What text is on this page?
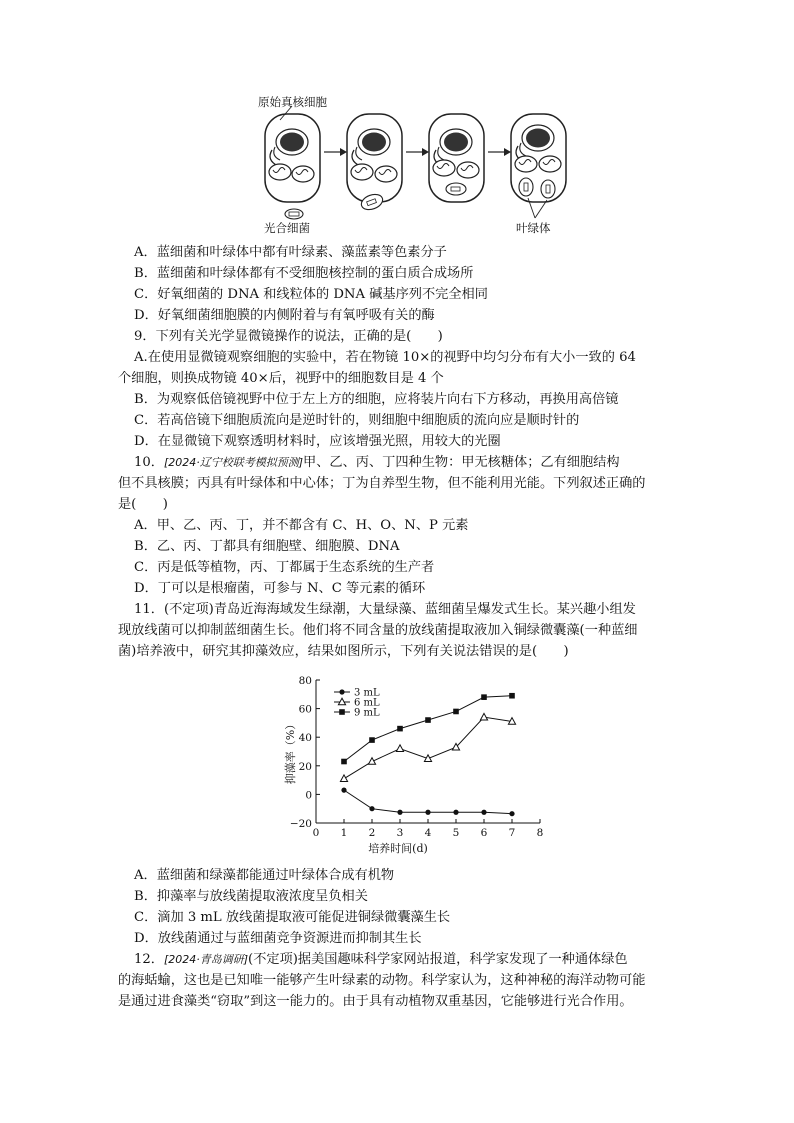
原始真核细胞
光合细菌	叶绿体
A．蓝细菌和叶绿体中都有叶绿素、藻蓝素等色素分子
B．蓝细菌和叶绿体都有不受细胞核控制的蛋白质合成场所
C．好氧细菌的 DNA 和线粒体的 DNA 碱基序列不完全相同
D．好氧细菌细胞膜的内侧附着与有氧呼吸有关的酶
9．下列有关光学显微镜操作的说法，正确的是(　　)
A.在使用显微镜观察细胞的实验中，若在物镜 10×的视野中均匀分布有大小一致的 64
个细胞，则换成物镜 40×后，视野中的细胞数目是 4 个
B．为观察低倍镜视野中位于左上方的细胞，应将装片向右下方移动，再换用高倍镜
C．若高倍镜下细胞质流向是逆时针的，则细胞中细胞质的流向应是顺时针的
D．在显微镜下观察透明材料时，应该增强光照，用较大的光圈
10．[2024·辽宁校联考模拟预测]甲、乙、丙、丁四种生物：甲无核糖体；乙有细胞结构
但不具核膜；丙具有叶绿体和中心体；丁为自养型生物，但不能利用光能。下列叙述正确的
是(　　)
A．甲、乙、丙、丁，并不都含有 C、H、O、N、P 元素
B．乙、丙、丁都具有细胞壁、细胞膜、DNA
C．丙是低等植物，丙、丁都属于生态系统的生产者
D．丁可以是根瘤菌，可参与 N、C 等元素的循环
11．(不定项)青岛近海海域发生绿潮，大量绿藻、蓝细菌呈爆发式生长。某兴趣小组发
现放线菌可以抑制蓝细菌生长。他们将不同含量的放线菌提取液加入铜绿微囊藻(一种蓝细
菌)培养液中，研究其抑藻效应，结果如图所示，下列有关说法错误的是(　　)
−20
0
20
40
60
80
0 1 2 3 4 5 6 7 8
培养时间(d)
抑藻率（%）
3 mL
6 mL
9 mL
A．蓝细菌和绿藻都能通过叶绿体合成有机物
B．抑藻率与放线菌提取液浓度呈负相关
C．滴加 3 mL 放线菌提取液可能促进铜绿微囊藻生长
D．放线菌通过与蓝细菌竞争资源进而抑制其生长
12．[2024·青岛调研](不定项)据美国趣味科学家网站报道，科学家发现了一种通体绿色
的海蛞蝓，这也是已知唯一能够产生叶绿素的动物。科学家认为，这种神秘的海洋动物可能
是通过进食藻类“窃取”到这一能力的。由于具有动植物双重基因，它能够进行光合作用。
